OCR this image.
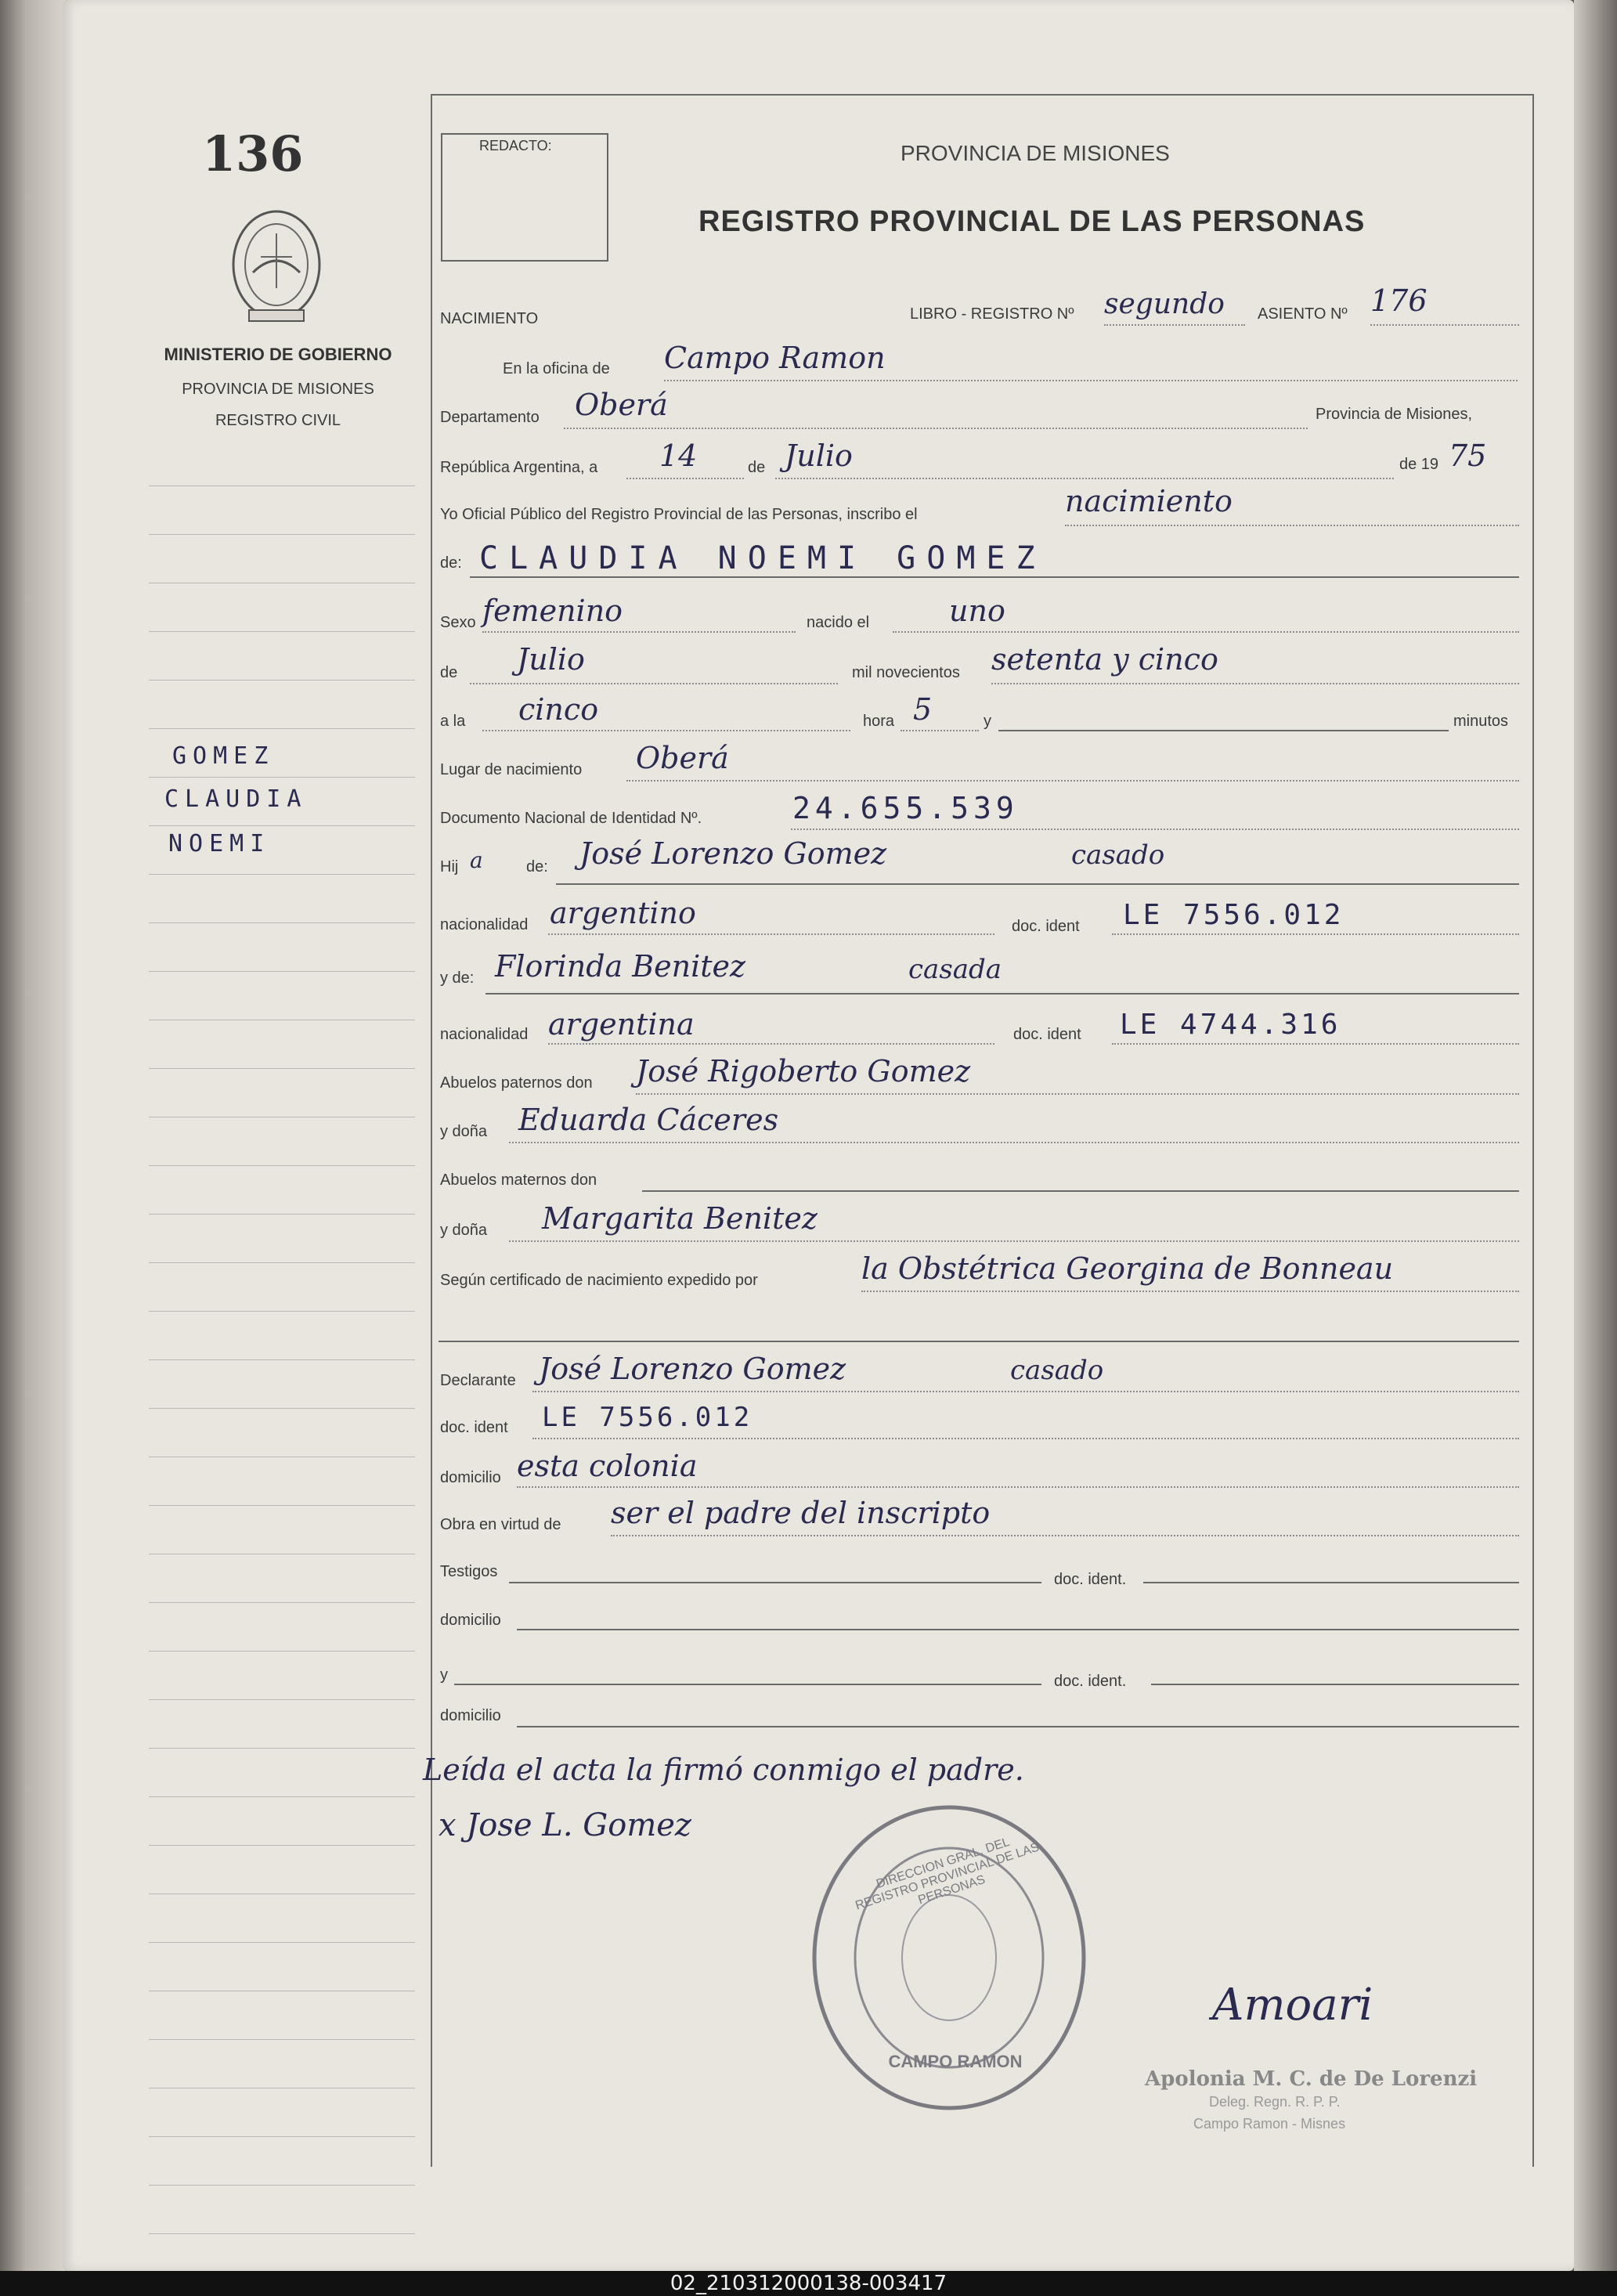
136
MINISTERIO DE GOBIERNO
PROVINCIA DE MISIONES
REGISTRO CIVIL
GOMEZ
CLAUDIA
NOEMI
REDACTO:	PROVINCIA DE MISIONES
REGISTRO PROVINCIAL DE LAS PERSONAS
NACIMIENTO	LIBRO - REGISTRO Nº segundo ASIENTO Nº 176
En la oficina de Campo Ramon
Departamento Oberá	Provincia de Misiones,
República Argentina, a 14	de Julio	de 19 75
Yo Oficial Público del Registro Provincial de las Personas, inscribo el	nacimiento
de: CLAUDIA NOEMI GOMEZ
Sexo femenino	nacido el	uno
de Julio	mil novecientos setenta y cinco
a la cinco	hora 5	y	minutos
Lugar de nacimiento Oberá
Documento Nacional de Identidad Nº.	24.655.539
Hij a	de: José Lorenzo Gomez	casado
nacionalidad argentino	doc. ident LE 7556.012
y de: Florinda Benitez	casada
nacionalidad argentina	doc. ident LE 4744.316
Abuelos paternos don José Rigoberto Gomez
y doña Eduarda Cáceres
Abuelos maternos don
y doña Margarita Benitez
Según certificado de nacimiento expedido por	la Obstétrica Georgina de Bonneau
Declarante José Lorenzo Gomez	casado
doc. ident LE 7556.012
domicilio esta colonia
Obra en virtud de ser el padre del inscripto
Testigos	doc. ident.
domicilio
y	doc. ident.
domicilio
Leída el acta la firmó conmigo el padre.
x Jose L. Gomez
DIRECCION GRAL. DEL REGISTRO PROVINCIAL DE LAS PERSONAS
CAMPO RAMON
Amoari
Apolonia M. C. de De Lorenzi
Deleg. Regn. R. P. P.
Campo Ramon - Misnes
02_210312000138-003417
